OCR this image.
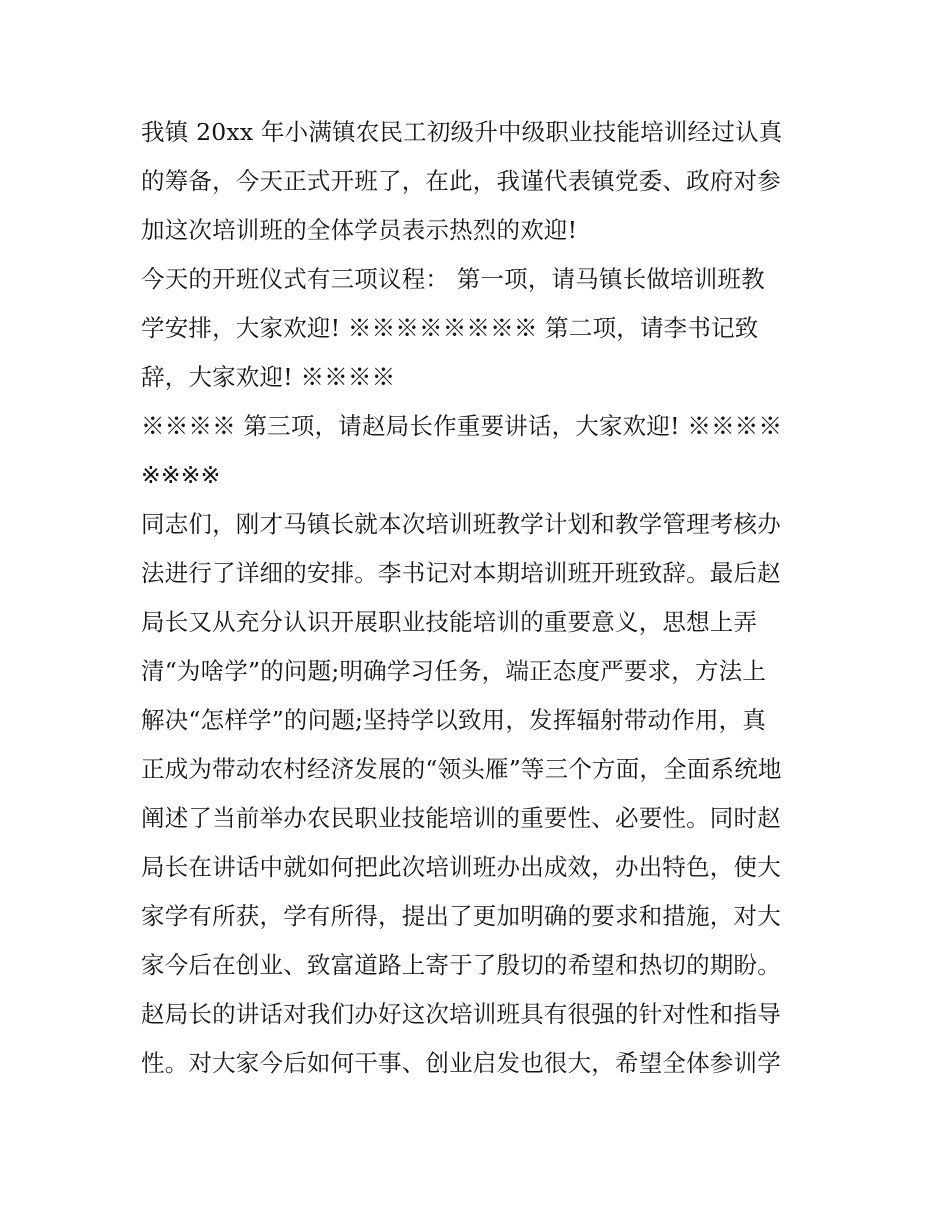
我镇 20xx 年小满镇农民工初级升中级职业技能培训经过认真
的筹备，今天正式开班了，在此，我谨代表镇党委、政府对参
加这次培训班的全体学员表示热烈的欢迎!
今天的开班仪式有三项议程： 第一项，请马镇长做培训班教
学安排，大家欢迎! ※※※※※※※※ 第二项，请李书记致
辞，大家欢迎! ※※※※
※※※※ 第三项，请赵局长作重要讲话，大家欢迎! ※※※※
※※※※
同志们，刚才马镇长就本次培训班教学计划和教学管理考核办
法进行了详细的安排。李书记对本期培训班开班致辞。最后赵
局长又从充分认识开展职业技能培训的重要意义，思想上弄
清“为啥学”的问题;明确学习任务，端正态度严要求，方法上
解决“怎样学”的问题;坚持学以致用，发挥辐射带动作用，真
正成为带动农村经济发展的“领头雁”等三个方面，全面系统地
阐述了当前举办农民职业技能培训的重要性、必要性。同时赵
局长在讲话中就如何把此次培训班办出成效，办出特色，使大
家学有所获，学有所得，提出了更加明确的要求和措施，对大
家今后在创业、致富道路上寄于了殷切的希望和热切的期盼。
赵局长的讲话对我们办好这次培训班具有很强的针对性和指导
性。对大家今后如何干事、创业启发也很大，希望全体参训学
